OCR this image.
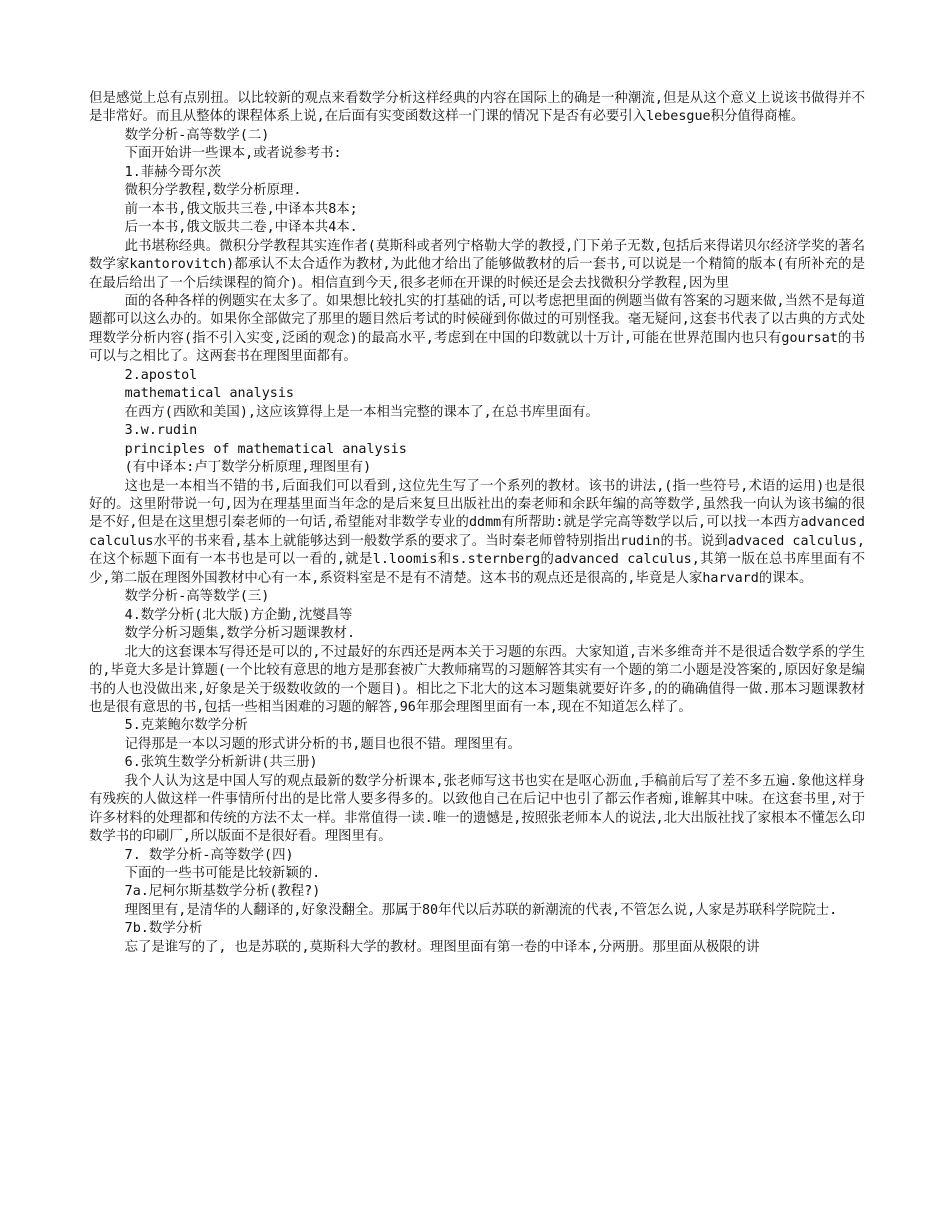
但是感觉上总有点别扭。以比较新的观点来看数学分析这样经典的内容在国际上的确是一种潮流,但是从这个意义上说该书做得并不是非常好。而且从整体的课程体系上说,在后面有实变函数这样一门课的情况下是否有必要引入lebesgue积分值得商榷。

数学分析-高等数学(二)

下面开始讲一些课本,或者说参考书:

1.菲赫今哥尔茨

微积分学教程,数学分析原理.

前一本书,俄文版共三卷,中译本共8本;

后一本书,俄文版共二卷,中译本共4本.

此书堪称经典。微积分学教程其实连作者(莫斯科或者列宁格勒大学的教授,门下弟子无数,包括后来得诺贝尔经济学奖的著名数学家kantorovitch)都承认不太合适作为教材,为此他才给出了能够做教材的后一套书,可以说是一个精简的版本(有所补充的是在最后给出了一个后续课程的简介)。相信直到今天,很多老师在开课的时候还是会去找微积分学教程,因为里

面的各种各样的例题实在太多了。如果想比较扎实的打基础的话,可以考虑把里面的例题当做有答案的习题来做,当然不是每道题都可以这么办的。如果你全部做完了那里的题目然后考试的时候碰到你做过的可别怪我。毫无疑问,这套书代表了以古典的方式处理数学分析内容(指不引入实变,泛函的观念)的最高水平,考虑到在中国的印数就以十万计,可能在世界范围内也只有goursat的书可以与之相比了。这两套书在理图里面都有。

2.apostol

mathematical analysis

在西方(西欧和美国),这应该算得上是一本相当完整的课本了,在总书库里面有。

3.w.rudin

principles of mathematical analysis

(有中译本:卢丁数学分析原理,理图里有)

这也是一本相当不错的书,后面我们可以看到,这位先生写了一个系列的教材。该书的讲法,(指一些符号,术语的运用)也是很好的。这里附带说一句,因为在理基里面当年念的是后来复旦出版社出的秦老师和余跃年编的高等数学,虽然我一向认为该书编的很是不好,但是在这里想引秦老师的一句话,希望能对非数学专业的ddmm有所帮助:就是学完高等数学以后,可以找一本西方advanced calculus水平的书来看,基本上就能够达到一般数学系的要求了。当时秦老师曾特别指出rudin的书。说到advaced calculus,在这个标题下面有一本书也是可以一看的,就是l.loomis和s.sternberg的advanced calculus,其第一版在总书库里面有不少,第二版在理图外国教材中心有一本,系资料室是不是有不清楚。这本书的观点还是很高的,毕竟是人家harvard的课本。

数学分析-高等数学(三)

4.数学分析(北大版)方企勤,沈燮昌等

数学分析习题集,数学分析习题课教材.

北大的这套课本写得还是可以的,不过最好的东西还是两本关于习题的东西。大家知道,吉米多维奇并不是很适合数学系的学生的,毕竟大多是计算题(一个比较有意思的地方是那套被广大教师痛骂的习题解答其实有一个题的第二小题是没答案的,原因好象是编书的人也没做出来,好象是关于级数收敛的一个题目)。相比之下北大的这本习题集就要好许多,的的确确值得一做.那本习题课教材也是很有意思的书,包括一些相当困难的习题的解答,96年那会理图里面有一本,现在不知道怎么样了。

5.克莱鲍尔数学分析

记得那是一本以习题的形式讲分析的书,题目也很不错。理图里有。

6.张筑生数学分析新讲(共三册)

我个人认为这是中国人写的观点最新的数学分析课本,张老师写这书也实在是呕心沥血,手稿前后写了差不多五遍.象他这样身有残疾的人做这样一件事情所付出的是比常人要多得多的。以致他自己在后记中也引了都云作者痴,谁解其中味。在这套书里,对于许多材料的处理都和传统的方法不太一样。非常值得一读.唯一的遗憾是,按照张老师本人的说法,北大出版社找了家根本不懂怎么印数学书的印刷厂,所以版面不是很好看。理图里有。

7. 数学分析-高等数学(四)

下面的一些书可能是比较新颖的.

7a.尼柯尔斯基数学分析(教程?)

理图里有,是清华的人翻译的,好象没翻全。那属于80年代以后苏联的新潮流的代表,不管怎么说,人家是苏联科学院院士.

7b.数学分析

忘了是谁写的了, 也是苏联的,莫斯科大学的教材。理图里面有第一卷的中译本,分两册。那里面从极限的讲
